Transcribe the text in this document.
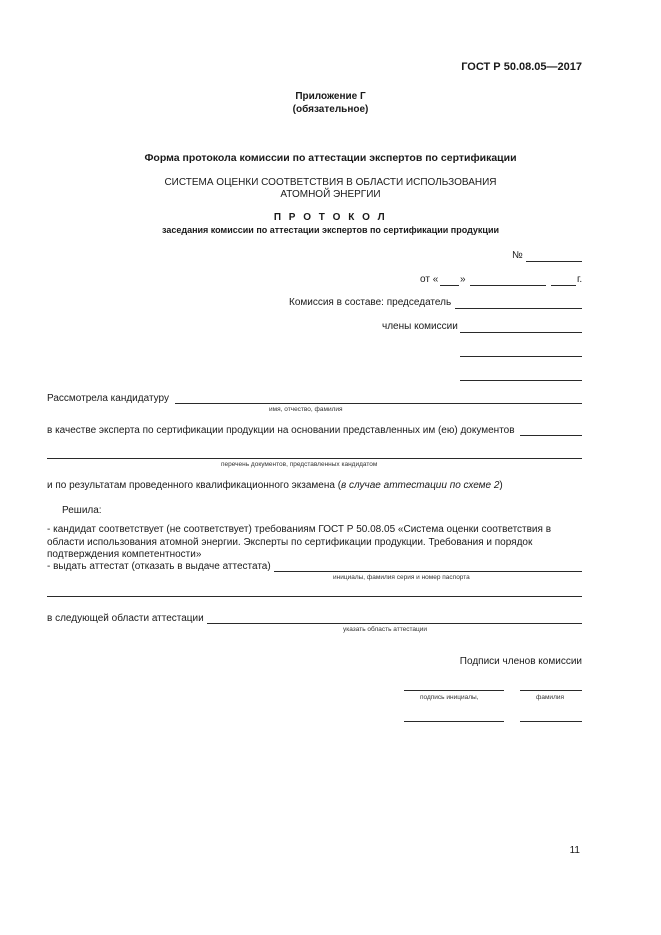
ГОСТ Р 50.08.05—2017
Приложение Г
(обязательное)
Форма протокола комиссии по аттестации экспертов по сертификации
СИСТЕМА ОЦЕНКИ СООТВЕТСТВИЯ В ОБЛАСТИ ИСПОЛЬЗОВАНИЯ
АТОМНОЙ ЭНЕРГИИ
П Р О Т О К О Л
заседания комиссии по аттестации экспертов по сертификации продукции
№
от « »	г.
Комиссия в составе: председатель
члены комиссии
Рассмотрела кандидатуру
имя, отчество, фамилия
в качестве эксперта по сертификации продукции на основании представленных им (ею) документов
перечень документов, представленных кандидатом
и по результатам проведенного квалификационного экзамена (в случае аттестации по схеме 2)
Решила:
- кандидат соответствует (не соответствует) требованиям ГОСТ Р 50.08.05 «Система оценки соответствия в области использования атомной энергии. Эксперты по сертификации продукции. Требования и порядок подтверждения компетентности»
- выдать аттестат (отказать в выдаче аттестата)
инициалы, фамилия серия и номер паспорта
в следующей области аттестации
указать область аттестации
Подписи членов комиссии
подпись инициалы,	фамилия
11
